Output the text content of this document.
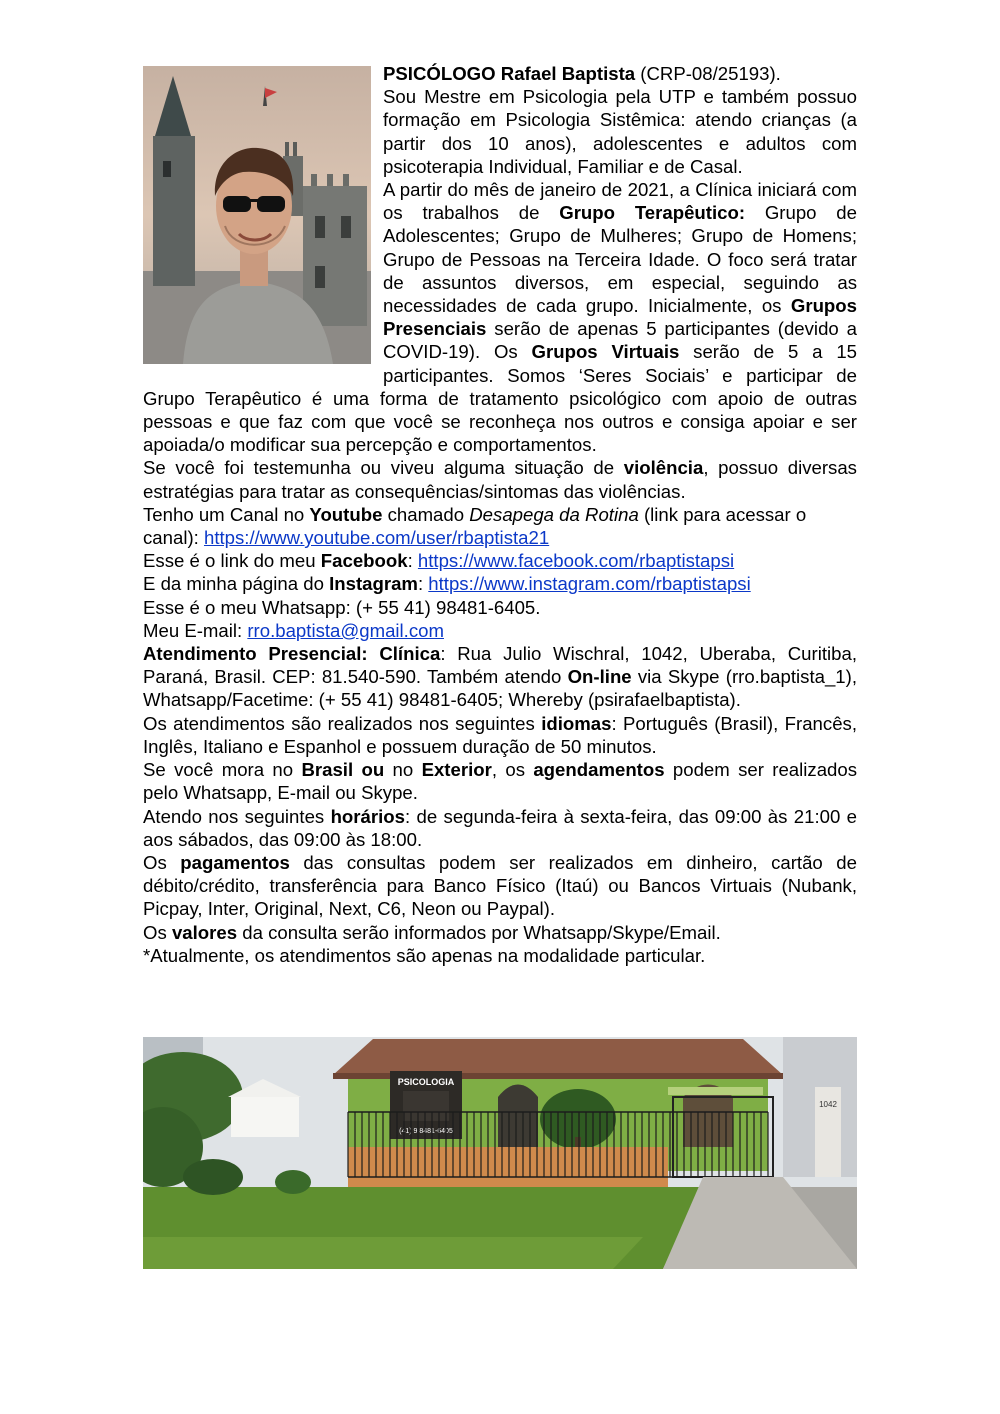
PSICÓLOGO Rafael Baptista (CRP-08/25193).

Sou Mestre em Psicologia pela UTP e também possuo formação em Psicologia Sistêmica: atendo crianças (a partir dos 10 anos), adolescentes e adultos com psicoterapia Individual, Familiar e de Casal.

A partir do mês de janeiro de 2021, a Clínica iniciará com os trabalhos de Grupo Terapêutico: Grupo de Adolescentes; Grupo de Mulheres; Grupo de Homens; Grupo de Pessoas na Terceira Idade. O foco será tratar de assuntos diversos, em especial, seguindo as necessidades de cada grupo. Inicialmente, os Grupos Presenciais serão de apenas 5 participantes (devido a COVID-19). Os Grupos Virtuais serão de 5 a 15 participantes. Somos ‘Seres Sociais’ e participar de Grupo Terapêutico é uma forma de tratamento psicológico com apoio de outras pessoas e que faz com que você se reconheça nos outros e consiga apoiar e ser apoiada/o modificar sua percepção e comportamentos.

Se você foi testemunha ou viveu alguma situação de violência, possuo diversas estratégias para tratar as consequências/sintomas das violências.

Tenho um Canal no Youtube chamado Desapega da Rotina (link para acessar o canal): https://www.youtube.com/user/rbaptista21

Esse é o link do meu Facebook: https://www.facebook.com/rbaptistapsi

E da minha página do Instagram: https://www.instagram.com/rbaptistapsi

Esse é o meu Whatsapp: (+ 55 41) 98481-6405.

Meu E-mail: rro.baptista@gmail.com

Atendimento Presencial: Clínica: Rua Julio Wischral, 1042, Uberaba, Curitiba, Paraná, Brasil. CEP: 81.540-590. Também atendo On-line via Skype (rro.baptista_1), Whatsapp/Facetime: (+ 55 41) 98481-6405; Whereby (psirafaelbaptista).

Os atendimentos são realizados nos seguintes idiomas: Português (Brasil), Francês, Inglês, Italiano e Espanhol e possuem duração de 50 minutos.

Se você mora no Brasil ou no Exterior, os agendamentos podem ser realizados pelo Whatsapp, E-mail ou Skype.

Atendo nos seguintes horários: de segunda-feira à sexta-feira, das 09:00 às 21:00 e aos sábados, das 09:00 às 18:00.

Os pagamentos das consultas podem ser realizados em dinheiro, cartão de débito/crédito, transferência para Banco Físico (Itaú) ou Bancos Virtuais (Nubank, Picpay, Inter, Original, Next, C6, Neon ou Paypal).

Os valores da consulta serão informados por Whatsapp/Skype/Email.

*Atualmente, os atendimentos são apenas na modalidade particular.

PSICOLOGIA
(41) 9 8481-6405
1042
